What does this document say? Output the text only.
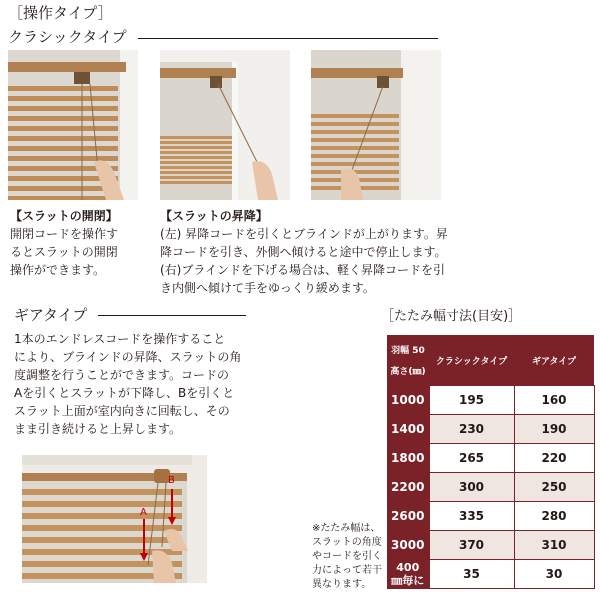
［操作タイプ］
クラシックタイプ
【スラットの開閉】
開閉コードを操作す
るとスラットの開閉
操作ができます。
【スラットの昇降】
(左) 昇降コードを引くとブラインドが上がります。昇
降コードを引き、外側へ傾けると途中で停止します。
(右)ブラインドを下げる場合は、軽く昇降コードを引
き内側へ傾けて手をゆっくり緩めます。
ギアタイプ
1本のエンドレスコードを操作すること
により、ブラインドの昇降、スラットの角
度調整を行うことができます。コードの
Aを引くとスラットが下降し、Bを引くと
スラット上面が室内向きに回転し、その
まま引き続けると上昇します。
A
B
［たたみ幅寸法(目安)］
羽幅 50
高さ(㎜)	クラシックタイプ	ギアタイプ
1000	195	160
1400	230	190
1800	265	220
2200	300	250
2600	335	280
3000	370	310
400
㎜毎に	35	30
※たたみ幅は、
スラットの角度
やコードを引く
力によって若干
異なります。
